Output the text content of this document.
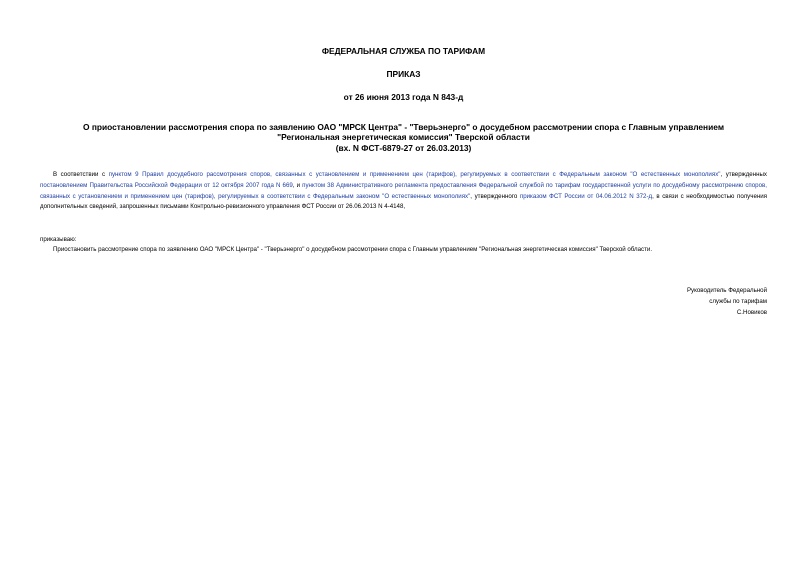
ФЕДЕРАЛЬНАЯ СЛУЖБА ПО ТАРИФАМ
ПРИКАЗ
от 26 июня 2013 года N 843-д
О приостановлении рассмотрения спора по заявлению ОАО "МРСК Центра" - "Тверьэнерго" о досудебном рассмотрении спора с Главным управлением
"Региональная энергетическая комиссия" Тверской области
(вх. N ФСТ-6879-27 от 26.03.2013)
В соответствии с пунктом 9 Правил досудебного рассмотрения споров, связанных с установлением и применением цен (тарифов), регулируемых в соответствии с Федеральным законом "О естественных монополиях", утвержденных постановлением Правительства Российской Федерации от 12 октября 2007 года N 669, и пунктом 38 Административного регламента предоставления Федеральной службой по тарифам государственной услуги по досудебному рассмотрению споров, связанных с установлением и применением цен (тарифов), регулируемых в соответствии с Федеральным законом "О естественных монополиях", утвержденного приказом ФСТ России от 04.06.2012 N 372-д, в связи с необходимостью получения дополнительных сведений, запрошенных письмами Контрольно-ревизионного управления ФСТ России от 26.06.2013 N 4-4148,
приказываю:
Приостановить рассмотрение спора по заявлению ОАО "МРСК Центра" - "Тверьэнерго" о досудебном рассмотрении спора с Главным управлением "Региональная энергетическая комиссия" Тверской области.
Руководитель Федеральной
службы по тарифам
С.Новиков
